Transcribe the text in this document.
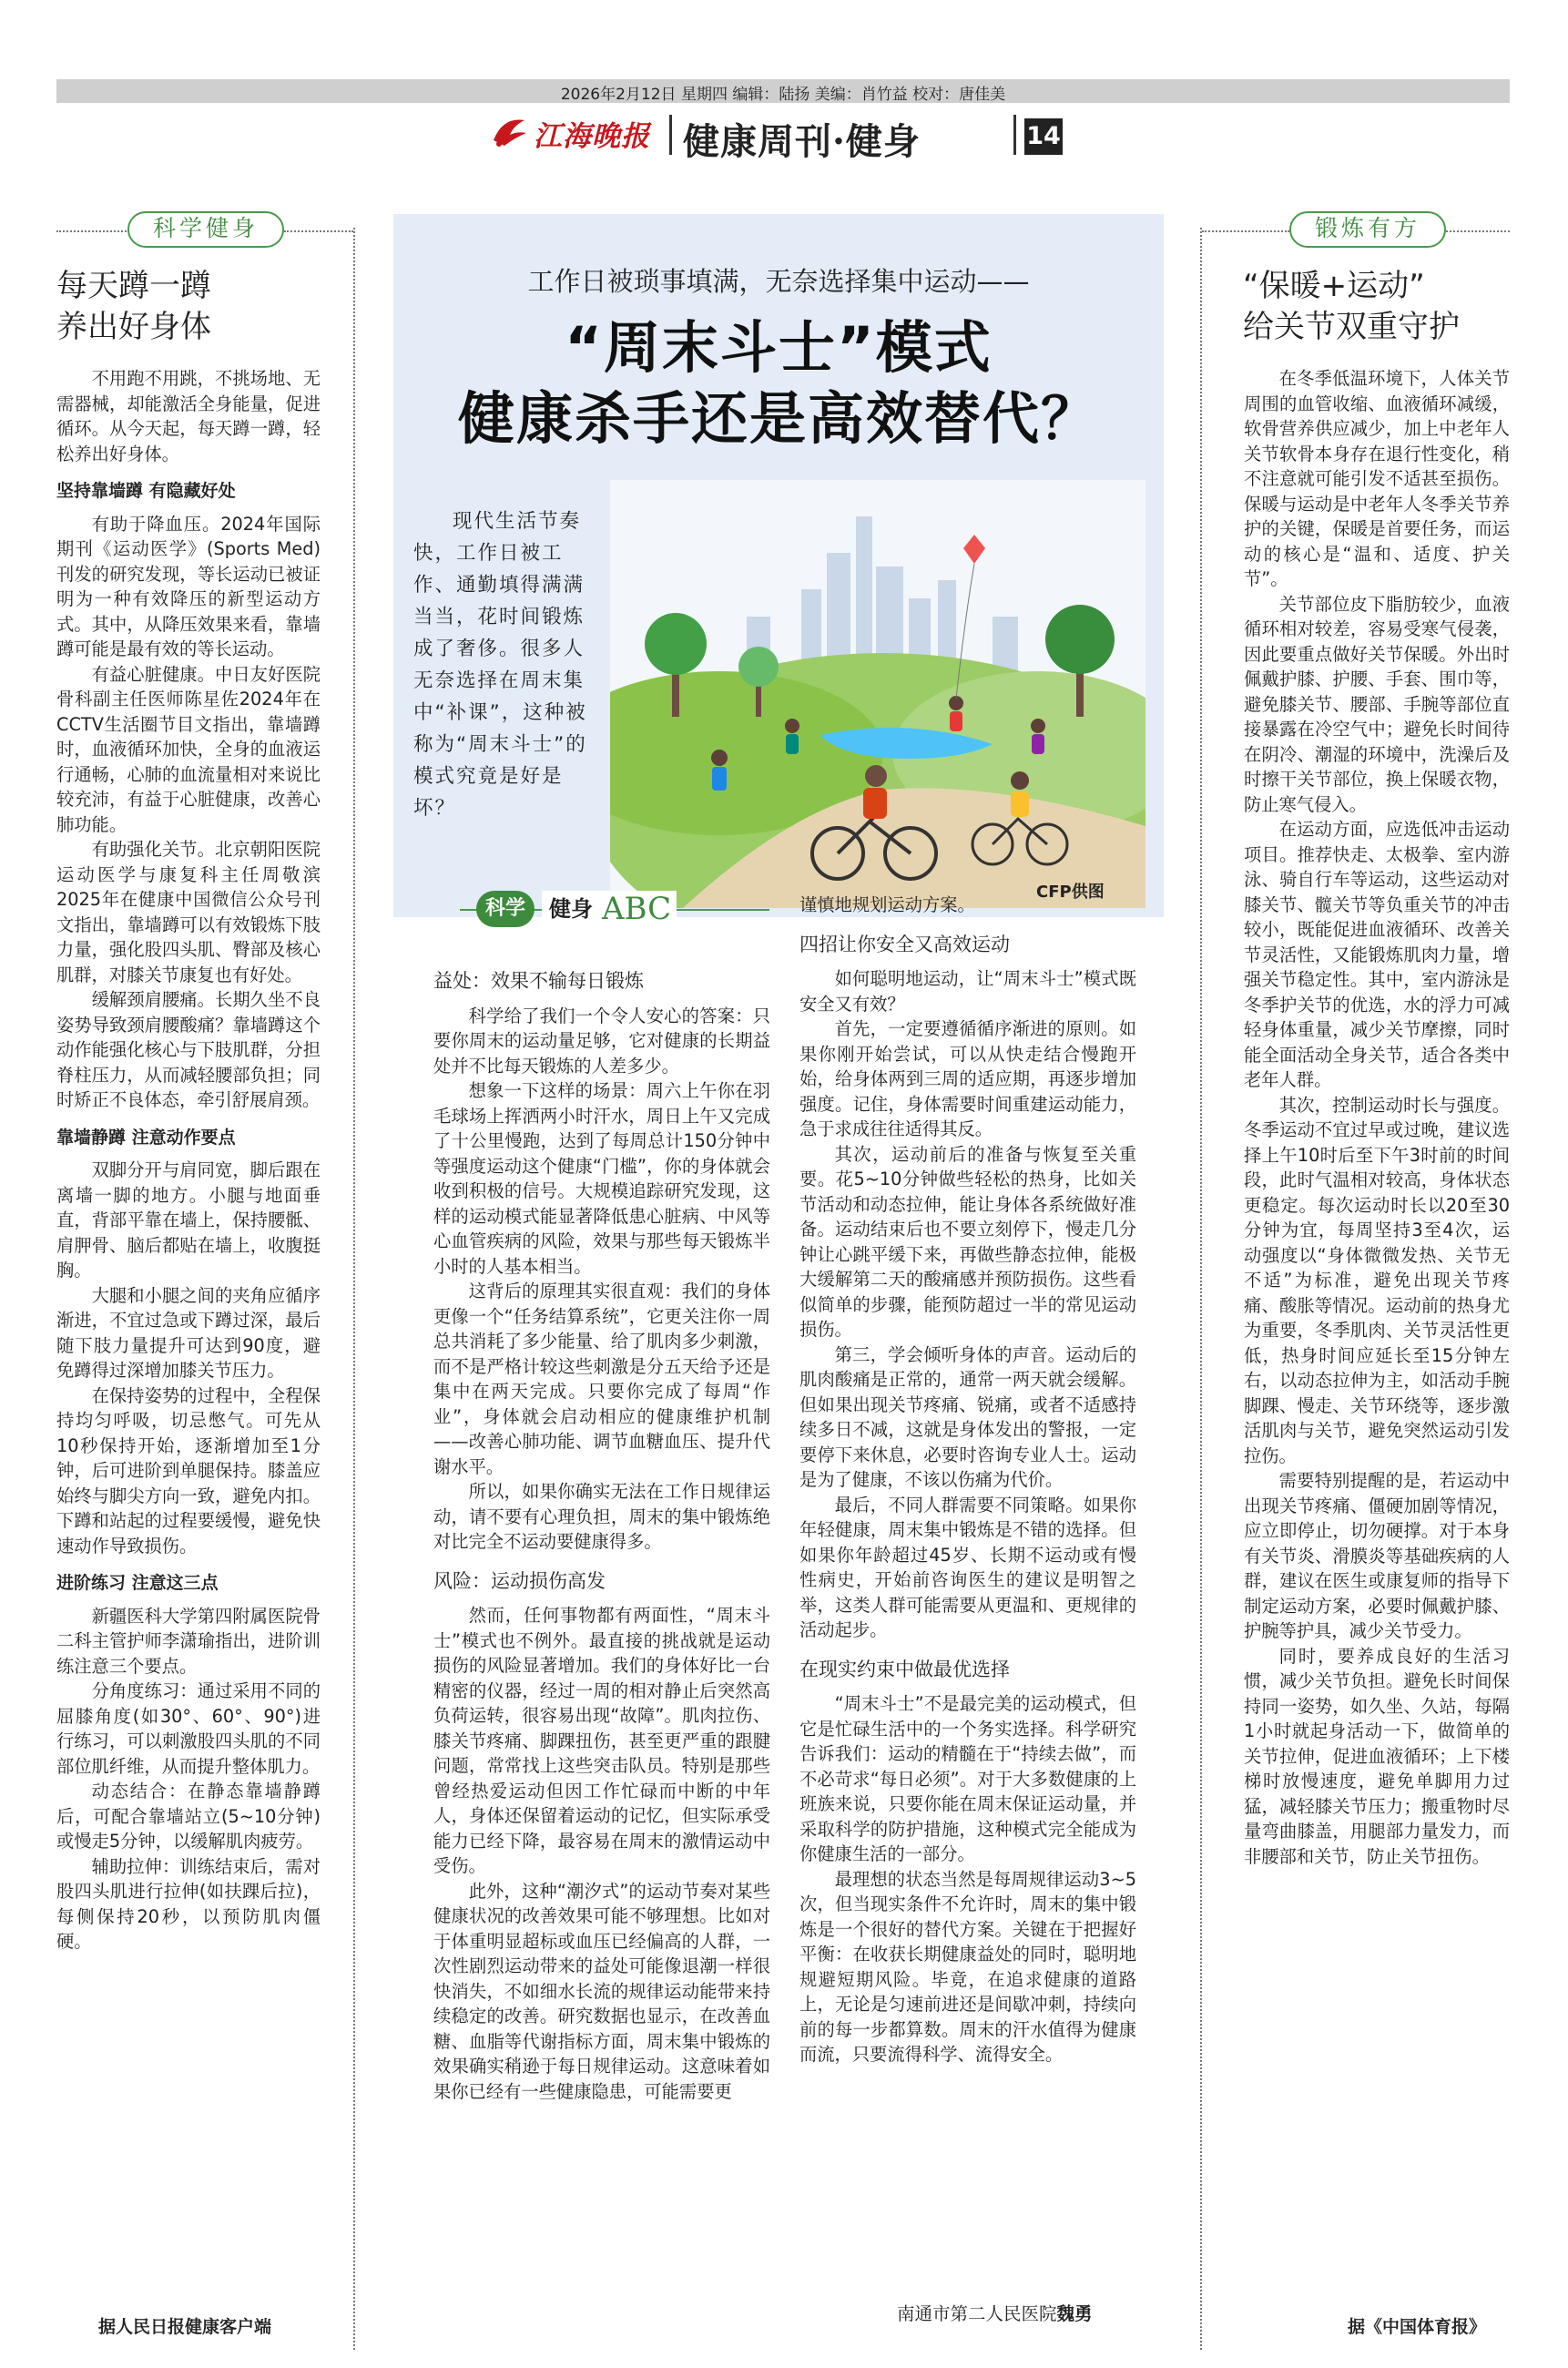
2026年2月12日 星期四 编辑：陆扬 美编：肖竹益 校对：唐佳美
江海晚报 健康周刊·健身	14
科学健身
每天蹲一蹲
养出好身体

不用跑不用跳，不挑场地、无需器械，却能激活全身能量，促进循环。从今天起，每天蹲一蹲，轻松养出好身体。

坚持靠墙蹲 有隐藏好处

有助于降血压。2024年国际期刊《运动医学》(Sports Med)刊发的研究发现，等长运动已被证明为一种有效降压的新型运动方式。其中，从降压效果来看，靠墙蹲可能是最有效的等长运动。

有益心脏健康。中日友好医院骨科副主任医师陈星佐2024年在CCTV生活圈节目文指出，靠墙蹲时，血液循环加快，全身的血液运行通畅，心肺的血流量相对来说比较充沛，有益于心脏健康，改善心肺功能。

有助强化关节。北京朝阳医院运动医学与康复科主任周敬滨2025年在健康中国微信公众号刊文指出，靠墙蹲可以有效锻炼下肢力量，强化股四头肌、臀部及核心肌群，对膝关节康复也有好处。

缓解颈肩腰痛。长期久坐不良姿势导致颈肩腰酸痛？靠墙蹲这个动作能强化核心与下肢肌群，分担脊柱压力，从而减轻腰部负担；同时矫正不良体态，牵引舒展肩颈。

靠墙静蹲 注意动作要点

双脚分开与肩同宽，脚后跟在离墙一脚的地方。小腿与地面垂直，背部平靠在墙上，保持腰骶、肩胛骨、脑后都贴在墙上，收腹挺胸。

大腿和小腿之间的夹角应循序渐进，不宜过急或下蹲过深，最后随下肢力量提升可达到90度，避免蹲得过深增加膝关节压力。

在保持姿势的过程中，全程保持均匀呼吸，切忌憋气。可先从10秒保持开始，逐渐增加至1分钟，后可进阶到单腿保持。膝盖应始终与脚尖方向一致，避免内扣。下蹲和站起的过程要缓慢，避免快速动作导致损伤。

进阶练习 注意这三点

新疆医科大学第四附属医院骨二科主管护师李潇瑜指出，进阶训练注意三个要点。

分角度练习：通过采用不同的屈膝角度(如30°、60°、90°)进行练习，可以刺激股四头肌的不同部位肌纤维，从而提升整体肌力。

动态结合：在静态靠墙静蹲后，可配合靠墙站立(5~10分钟)或慢走5分钟，以缓解肌肉疲劳。

辅助拉伸：训练结束后，需对股四头肌进行拉伸(如扶踝后拉)，每侧保持20秒，以预防肌肉僵硬。

据人民日报健康客户端
工作日被琐事填满，无奈选择集中运动——
“周末斗士”模式
健康杀手还是高效替代？
现代生活节奏快，工作日被工作、通勤填得满满当当，花时间锻炼成了奢侈。很多人无奈选择在周末集中“补课”，这种被称为“周末斗士”的模式究竟是好是坏？
CFP供图
科学	健身 ABC
益处：效果不输每日锻炼

科学给了我们一个令人安心的答案：只要你周末的运动量足够，它对健康的长期益处并不比每天锻炼的人差多少。

想象一下这样的场景：周六上午你在羽毛球场上挥洒两小时汗水，周日上午又完成了十公里慢跑，达到了每周总计150分钟中等强度运动这个健康“门槛”，你的身体就会收到积极的信号。大规模追踪研究发现，这样的运动模式能显著降低患心脏病、中风等心血管疾病的风险，效果与那些每天锻炼半小时的人基本相当。

这背后的原理其实很直观：我们的身体更像一个“任务结算系统”，它更关注你一周总共消耗了多少能量、给了肌肉多少刺激，而不是严格计较这些刺激是分五天给予还是集中在两天完成。只要你完成了每周“作业”，身体就会启动相应的健康维护机制——改善心肺功能、调节血糖血压、提升代谢水平。

所以，如果你确实无法在工作日规律运动，请不要有心理负担，周末的集中锻炼绝对比完全不运动要健康得多。

风险：运动损伤高发

然而，任何事物都有两面性，“周末斗士”模式也不例外。最直接的挑战就是运动损伤的风险显著增加。我们的身体好比一台精密的仪器，经过一周的相对静止后突然高负荷运转，很容易出现“故障”。肌肉拉伤、膝关节疼痛、脚踝扭伤，甚至更严重的跟腱问题，常常找上这些突击队员。特别是那些曾经热爱运动但因工作忙碌而中断的中年人，身体还保留着运动的记忆，但实际承受能力已经下降，最容易在周末的激情运动中受伤。

此外，这种“潮汐式”的运动节奏对某些健康状况的改善效果可能不够理想。比如对于体重明显超标或血压已经偏高的人群，一次性剧烈运动带来的益处可能像退潮一样很快消失，不如细水长流的规律运动能带来持续稳定的改善。研究数据也显示，在改善血糖、血脂等代谢指标方面，周末集中锻炼的效果确实稍逊于每日规律运动。这意味着如果你已经有一些健康隐患，可能需要更

谨慎地规划运动方案。

四招让你安全又高效运动

如何聪明地运动，让“周末斗士”模式既安全又有效？

首先，一定要遵循循序渐进的原则。如果你刚开始尝试，可以从快走结合慢跑开始，给身体两到三周的适应期，再逐步增加强度。记住，身体需要时间重建运动能力，急于求成往往适得其反。

其次，运动前后的准备与恢复至关重要。花5~10分钟做些轻松的热身，比如关节活动和动态拉伸，能让身体各系统做好准备。运动结束后也不要立刻停下，慢走几分钟让心跳平缓下来，再做些静态拉伸，能极大缓解第二天的酸痛感并预防损伤。这些看似简单的步骤，能预防超过一半的常见运动损伤。

第三，学会倾听身体的声音。运动后的肌肉酸痛是正常的，通常一两天就会缓解。但如果出现关节疼痛、锐痛，或者不适感持续多日不减，这就是身体发出的警报，一定要停下来休息，必要时咨询专业人士。运动是为了健康，不该以伤痛为代价。

最后，不同人群需要不同策略。如果你年轻健康，周末集中锻炼是不错的选择。但如果你年龄超过45岁、长期不运动或有慢性病史，开始前咨询医生的建议是明智之举，这类人群可能需要从更温和、更规律的活动起步。

在现实约束中做最优选择

“周末斗士”不是最完美的运动模式，但它是忙碌生活中的一个务实选择。科学研究告诉我们：运动的精髓在于“持续去做”，而不必苛求“每日必须”。对于大多数健康的上班族来说，只要你能在周末保证运动量，并采取科学的防护措施，这种模式完全能成为你健康生活的一部分。

最理想的状态当然是每周规律运动3~5次，但当现实条件不允许时，周末的集中锻炼是一个很好的替代方案。关键在于把握好平衡：在收获长期健康益处的同时，聪明地规避短期风险。毕竟，在追求健康的道路上，无论是匀速前进还是间歇冲刺，持续向前的每一步都算数。周末的汗水值得为健康而流，只要流得科学、流得安全。

南通市第二人民医院魏勇
锻炼有方
“保暖+运动”
给关节双重守护

在冬季低温环境下，人体关节周围的血管收缩、血液循环减缓，软骨营养供应减少，加上中老年人关节软骨本身存在退行性变化，稍不注意就可能引发不适甚至损伤。保暖与运动是中老年人冬季关节养护的关键，保暖是首要任务，而运动的核心是“温和、适度、护关节”。

关节部位皮下脂肪较少，血液循环相对较差，容易受寒气侵袭，因此要重点做好关节保暖。外出时佩戴护膝、护腰、手套、围巾等，避免膝关节、腰部、手腕等部位直接暴露在冷空气中；避免长时间待在阴冷、潮湿的环境中，洗澡后及时擦干关节部位，换上保暖衣物，防止寒气侵入。

在运动方面，应选低冲击运动项目。推荐快走、太极拳、室内游泳、骑自行车等运动，这些运动对膝关节、髋关节等负重关节的冲击较小，既能促进血液循环、改善关节灵活性，又能锻炼肌肉力量，增强关节稳定性。其中，室内游泳是冬季护关节的优选，水的浮力可减轻身体重量，减少关节摩擦，同时能全面活动全身关节，适合各类中老年人群。

其次，控制运动时长与强度。冬季运动不宜过早或过晚，建议选择上午10时后至下午3时前的时间段，此时气温相对较高，身体状态更稳定。每次运动时长以20至30分钟为宜，每周坚持3至4次，运动强度以“身体微微发热、关节无不适”为标准，避免出现关节疼痛、酸胀等情况。运动前的热身尤为重要，冬季肌肉、关节灵活性更低，热身时间应延长至15分钟左右，以动态拉伸为主，如活动手腕脚踝、慢走、关节环绕等，逐步激活肌肉与关节，避免突然运动引发拉伤。

需要特别提醒的是，若运动中出现关节疼痛、僵硬加剧等情况，应立即停止，切勿硬撑。对于本身有关节炎、滑膜炎等基础疾病的人群，建议在医生或康复师的指导下制定运动方案，必要时佩戴护膝、护腕等护具，减少关节受力。

同时，要养成良好的生活习惯，减少关节负担。避免长时间保持同一姿势，如久坐、久站，每隔1小时就起身活动一下，做简单的关节拉伸，促进血液循环；上下楼梯时放慢速度，避免单脚用力过猛，减轻膝关节压力；搬重物时尽量弯曲膝盖，用腿部力量发力，而非腰部和关节，防止关节扭伤。

据《中国体育报》
